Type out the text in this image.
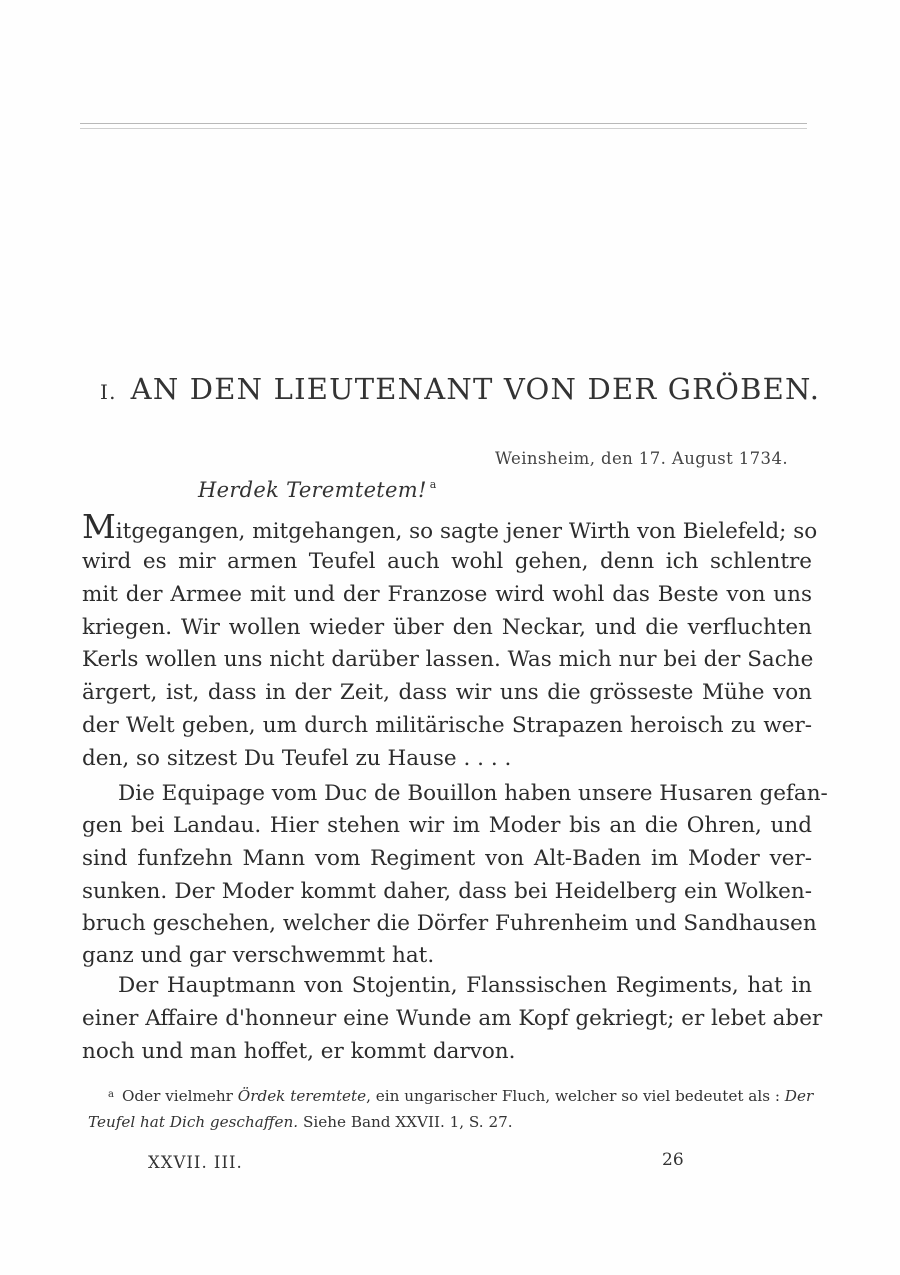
I. AN DEN LIEUTENANT VON DER GRÖBEN.
Weinsheim, den 17. August 1734.
Herdek Teremtetem! $^a$
Mitgegangen, mitgehangen, so sagte jener Wirth von Bielefeld; so
wird es mir armen Teufel auch wohl gehen, denn ich schlentre
mit der Armee mit und der Franzose wird wohl das Beste von uns
kriegen. Wir wollen wieder über den Neckar, und die verfluchten
Kerls wollen uns nicht darüber lassen. Was mich nur bei der Sache
ärgert, ist, dass in der Zeit, dass wir uns die grösseste Mühe von
der Welt geben, um durch militärische Strapazen heroisch zu wer-
den, so sitzest Du Teufel zu Hause . . . .
Die Equipage vom Duc de Bouillon haben unsere Husaren gefan-
gen bei Landau. Hier stehen wir im Moder bis an die Ohren, und
sind funfzehn Mann vom Regiment von Alt-Baden im Moder ver-
sunken. Der Moder kommt daher, dass bei Heidelberg ein Wolken-
bruch geschehen, welcher die Dörfer Fuhrenheim und Sandhausen
ganz und gar verschwemmt hat.
Der Hauptmann von Stojentin, Flanssischen Regiments, hat in
einer Affaire d'honneur eine Wunde am Kopf gekriegt; er lebet aber
noch und man hoffet, er kommt darvon.
$^a$ Oder vielmehr Ördek teremtete, ein ungarischer Fluch, welcher so viel bedeutet als : Der
Teufel hat Dich geschaffen. Siehe Band XXVII. 1, S. 27.
XXVII. III.	26
